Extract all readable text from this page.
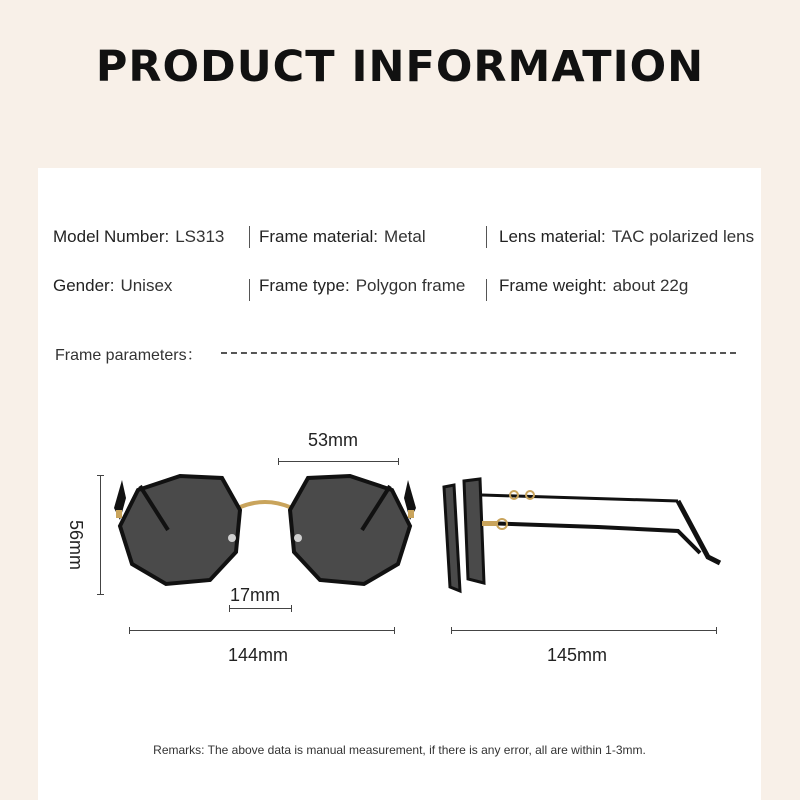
PRODUCT INFORMATION
Model Number: LS313 Frame material: Metal	Lens material: TAC polarized lens
Gender: Unisex	Frame type: Polygon frame Frame weight: about 22g
Frame parameters：
53mm
56mm
17mm
144mm	145mm
Remarks: The above data is manual measurement, if there is any error, all are within 1-3mm.
